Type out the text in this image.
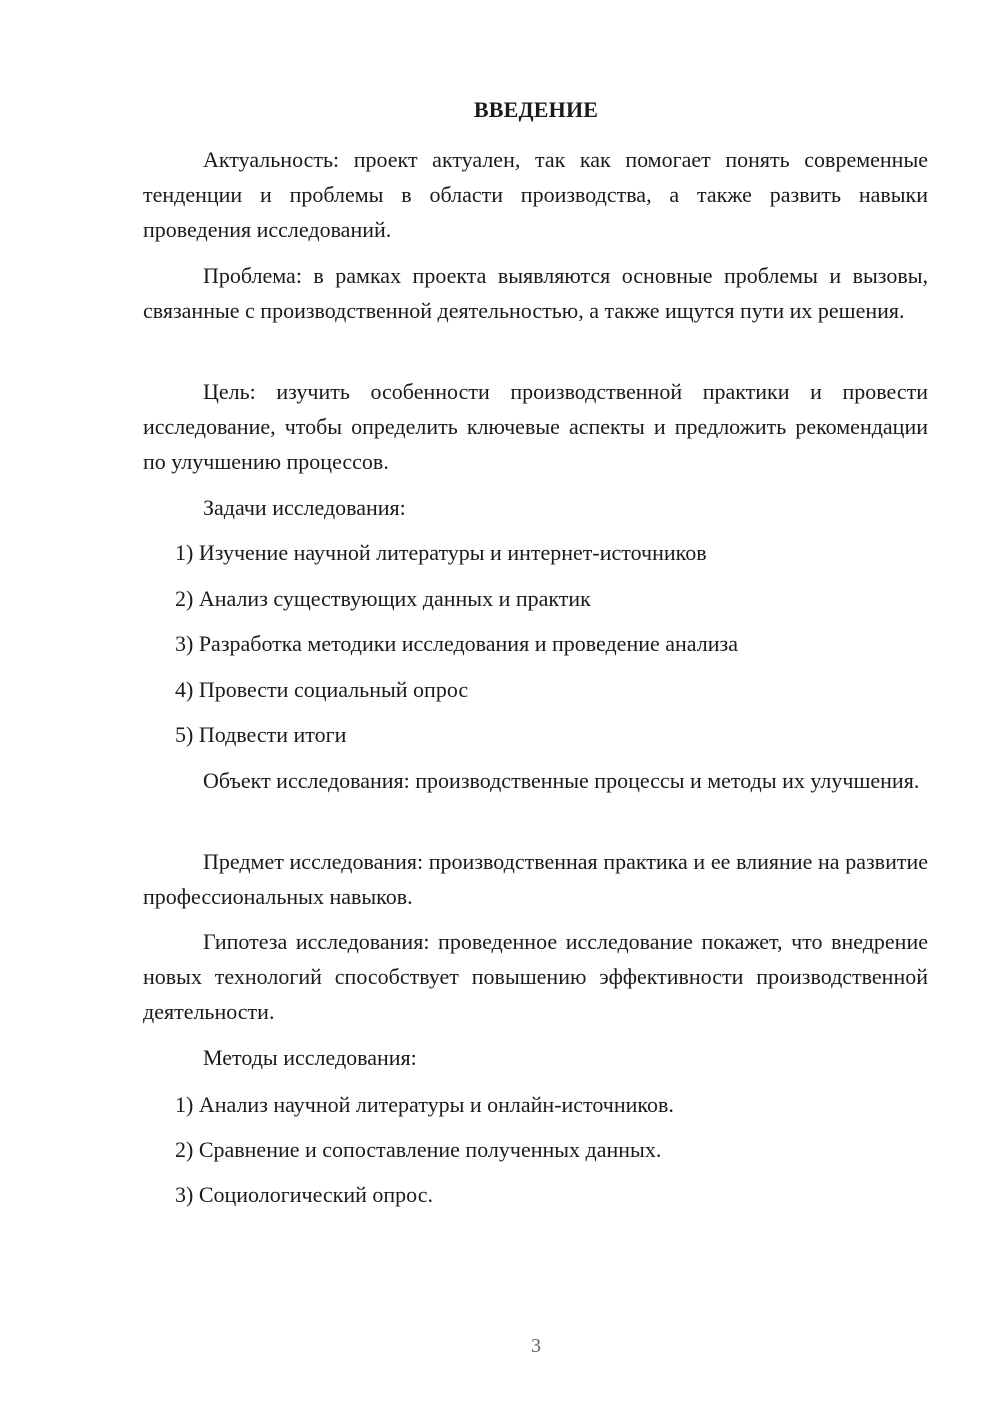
ВВЕДЕНИЕ

Актуальность: проект актуален, так как помогает понять современные тенденции и проблемы в области производства, а также развить навыки проведения исследований.

Проблема: в рамках проекта выявляются основные проблемы и вызовы, связанные с производственной деятельностью, а также ищутся пути их решения.

Цель: изучить особенности производственной практики и провести исследование, чтобы определить ключевые аспекты и предложить рекомендации по улучшению процессов.

Задачи исследования:

1) Изучение научной литературы и интернет-источников

2) Анализ существующих данных и практик

3) Разработка методики исследования и проведение анализа

4) Провести социальный опрос

5) Подвести итоги

Объект исследования: производственные процессы и методы их улучшения.

Предмет исследования: производственная практика и ее влияние на развитие профессиональных навыков.

Гипотеза исследования: проведенное исследование покажет, что внедрение новых технологий способствует повышению эффективности производственной деятельности.

Методы исследования:

1) Анализ научной литературы и онлайн-источников.

2) Сравнение и сопоставление полученных данных.

3) Социологический опрос.

3
